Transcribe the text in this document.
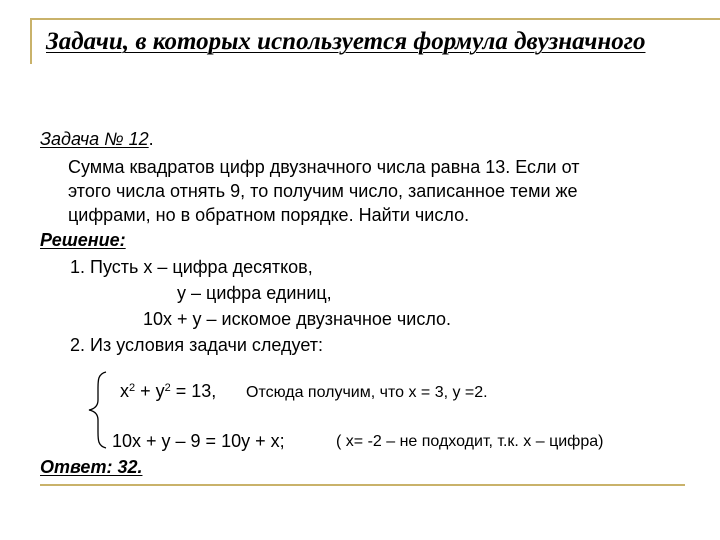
Задачи, в которых используется формула двузначного
Задача № 12.
Сумма квадратов цифр двузначного числа равна 13. Если от
этого числа отнять 9, то получим число, записанное теми же
цифрами, но в обратном порядке. Найти число.
Решение:
1. Пусть х – цифра десятков,
у – цифра единиц,
10х + у – искомое двузначное число.
2. Из условия задачи следует:
$х^2 + у^2 = 13$, Отсюда получим, что х = 3, у =2.
10х + у – 9 = 10у + х;	( х= -2 – не подходит, т.к. х – цифра)
Ответ: 32.
